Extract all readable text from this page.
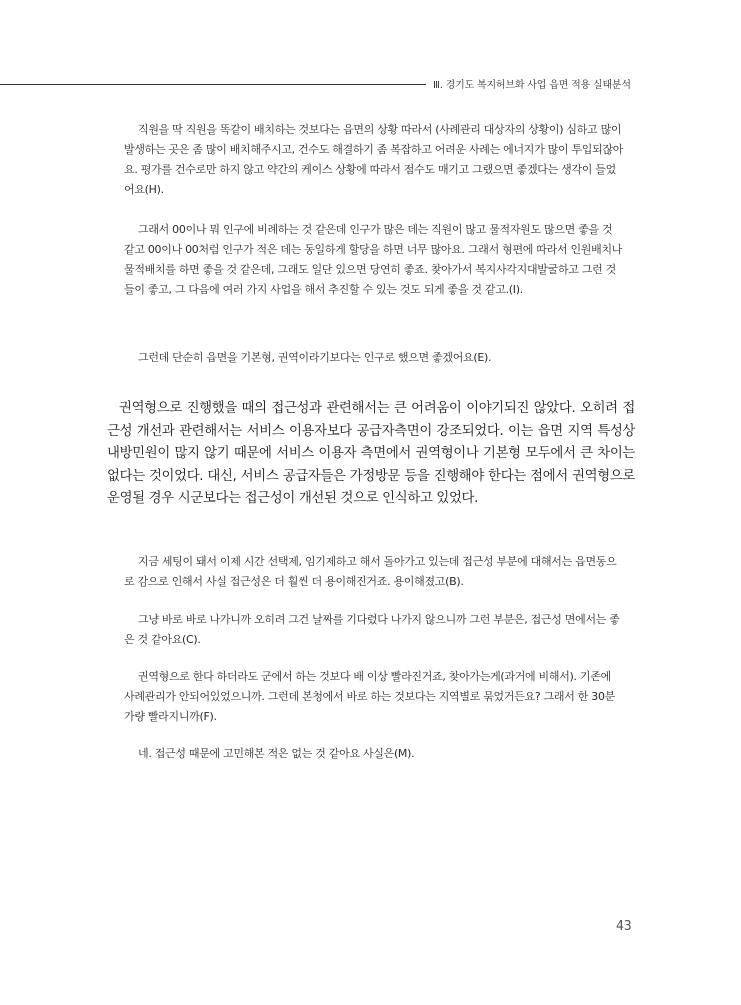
Ⅲ. 경기도 복지허브화 사업 읍면 적용 실태분석

직원을 딱 직원을 똑같이 배치하는 것보다는 읍면의 상황 따라서 (사례관리 대상자의 상황이) 심하고 많이 발생하는 곳은 좀 많이 배치해주시고, 건수도 해결하기 좀 복잡하고 어려운 사례는 에너지가 많이 투입되잖아요. 평가를 건수로만 하지 않고 약간의 케이스 상황에 따라서 점수도 매기고 그랬으면 좋겠다는 생각이 들었어요(H).

그래서 00이나 뭐 인구에 비례하는 것 같은데 인구가 많은 데는 직원이 많고 물적자원도 많으면 좋을 것 같고 00이나 00처럼 인구가 적은 데는 동일하게 할당을 하면 너무 많아요. 그래서 형편에 따라서 인원배치나 물적배치를 하면 좋을 것 같은데, 그래도 일단 있으면 당연히 좋죠. 찾아가서 복지사각지대발굴하고 그런 것들이 좋고, 그 다음에 여러 가지 사업을 해서 추진할 수 있는 것도 되게 좋을 것 같고.(I).

그런데 단순히 읍면을 기본형, 권역이라기보다는 인구로 했으면 좋겠어요(E).

권역형으로 진행했을 때의 접근성과 관련해서는 큰 어려움이 이야기되진 않았다. 오히려 접근성 개선과 관련해서는 서비스 이용자보다 공급자측면이 강조되었다. 이는 읍면 지역 특성상 내방민원이 많지 않기 때문에 서비스 이용자 측면에서 권역형이나 기본형 모두에서 큰 차이는 없다는 것이었다. 대신, 서비스 공급자들은 가정방문 등을 진행해야 한다는 점에서 권역형으로 운영될 경우 시군보다는 접근성이 개선된 것으로 인식하고 있었다.

지금 세팅이 돼서 이제 시간 선택제, 임기제하고 해서 돌아가고 있는데 접근성 부분에 대해서는 읍면동으로 감으로 인해서 사실 접근성은 더 훨씬 더 용이해진거죠. 용이해졌고(B).

그냥 바로 바로 나가니까 오히려 그건 날짜를 기다렸다 나가지 않으니까 그런 부분은, 접근성 면에서는 좋은 것 같아요(C).

권역형으로 한다 하더라도 군에서 하는 것보다 배 이상 빨라진거죠, 찾아가는게(과거에 비해서). 기존에 사례관리가 안되어있었으니까. 그런데 본청에서 바로 하는 것보다는 지역별로 묶었거든요? 그래서 한 30분 가량 빨라지니까(F).

네. 접근성 때문에 고민해본 적은 없는 것 같아요 사실은(M).

43
